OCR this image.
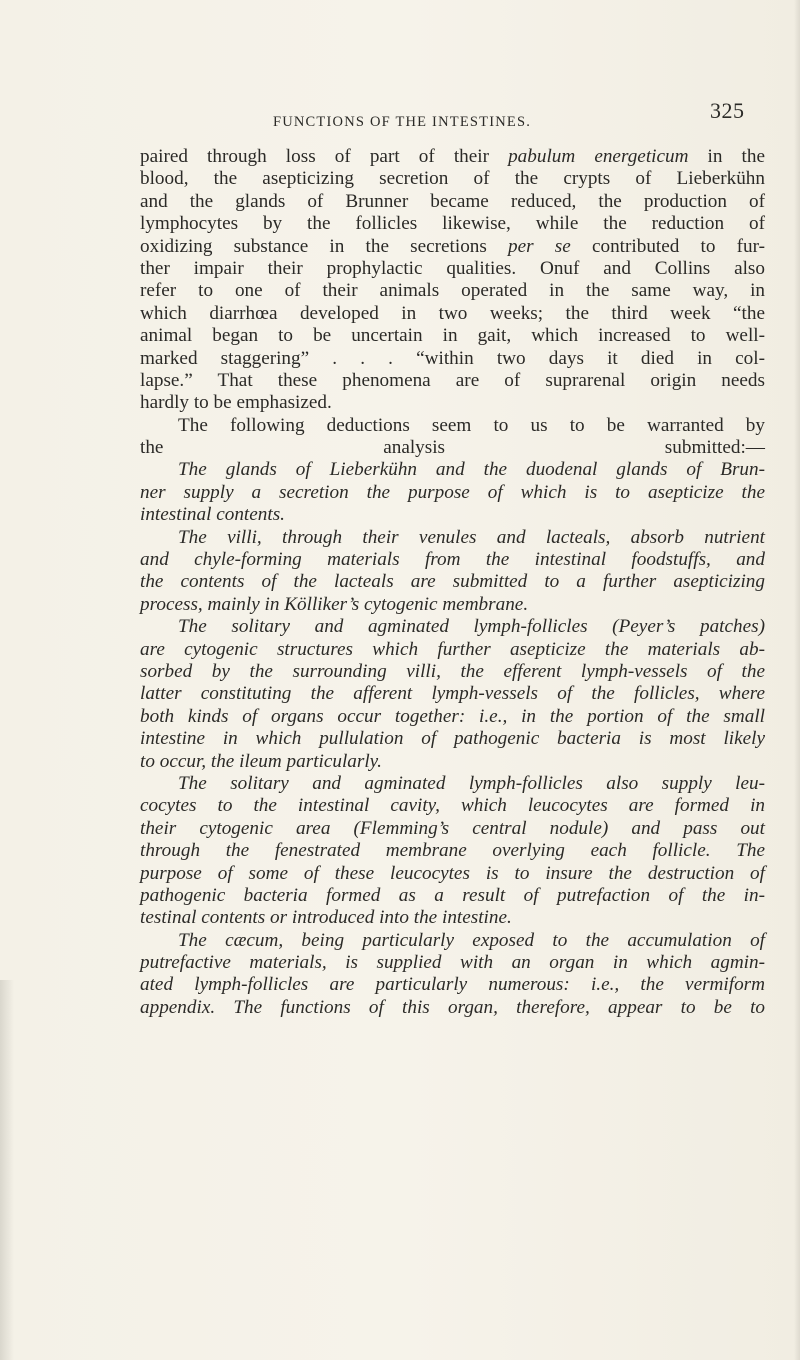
FUNCTIONS OF THE INTESTINES.	325
paired through loss of part of their pabulum energeticum in the
blood, the asepticizing secretion of the crypts of Lieberkühn
and the glands of Brunner became reduced, the production of
lymphocytes by the follicles likewise, while the reduction of
oxidizing substance in the secretions per se contributed to fur-
ther impair their prophylactic qualities. Onuf and Collins also
refer to one of their animals operated in the same way, in
which diarrhœa developed in two weeks; the third week “the
animal began to be uncertain in gait, which increased to well-
marked staggering” . . . “within two days it died in col-
lapse.” That these phenomena are of suprarenal origin needs
hardly to be emphasized.
The following deductions seem to us to be warranted by
the analysis submitted:—
The glands of Lieberkühn and the duodenal glands of Brun-
ner supply a secretion the purpose of which is to asepticize the
intestinal contents.
The villi, through their venules and lacteals, absorb nutrient
and chyle-forming materials from the intestinal foodstuffs, and
the contents of the lacteals are submitted to a further asepticizing
process, mainly in Kölliker’s cytogenic membrane.
The solitary and agminated lymph-follicles (Peyer’s patches)
are cytogenic structures which further asepticize the materials ab-
sorbed by the surrounding villi, the efferent lymph-vessels of the
latter constituting the afferent lymph-vessels of the follicles, where
both kinds of organs occur together: i.e., in the portion of the small
intestine in which pullulation of pathogenic bacteria is most likely
to occur, the ileum particularly.
The solitary and agminated lymph-follicles also supply leu-
cocytes to the intestinal cavity, which leucocytes are formed in
their cytogenic area (Flemming’s central nodule) and pass out
through the fenestrated membrane overlying each follicle. The
purpose of some of these leucocytes is to insure the destruction of
pathogenic bacteria formed as a result of putrefaction of the in-
testinal contents or introduced into the intestine.
The cæcum, being particularly exposed to the accumulation of
putrefactive materials, is supplied with an organ in which agmin-
ated lymph-follicles are particularly numerous: i.e., the vermiform
appendix. The functions of this organ, therefore, appear to be to
